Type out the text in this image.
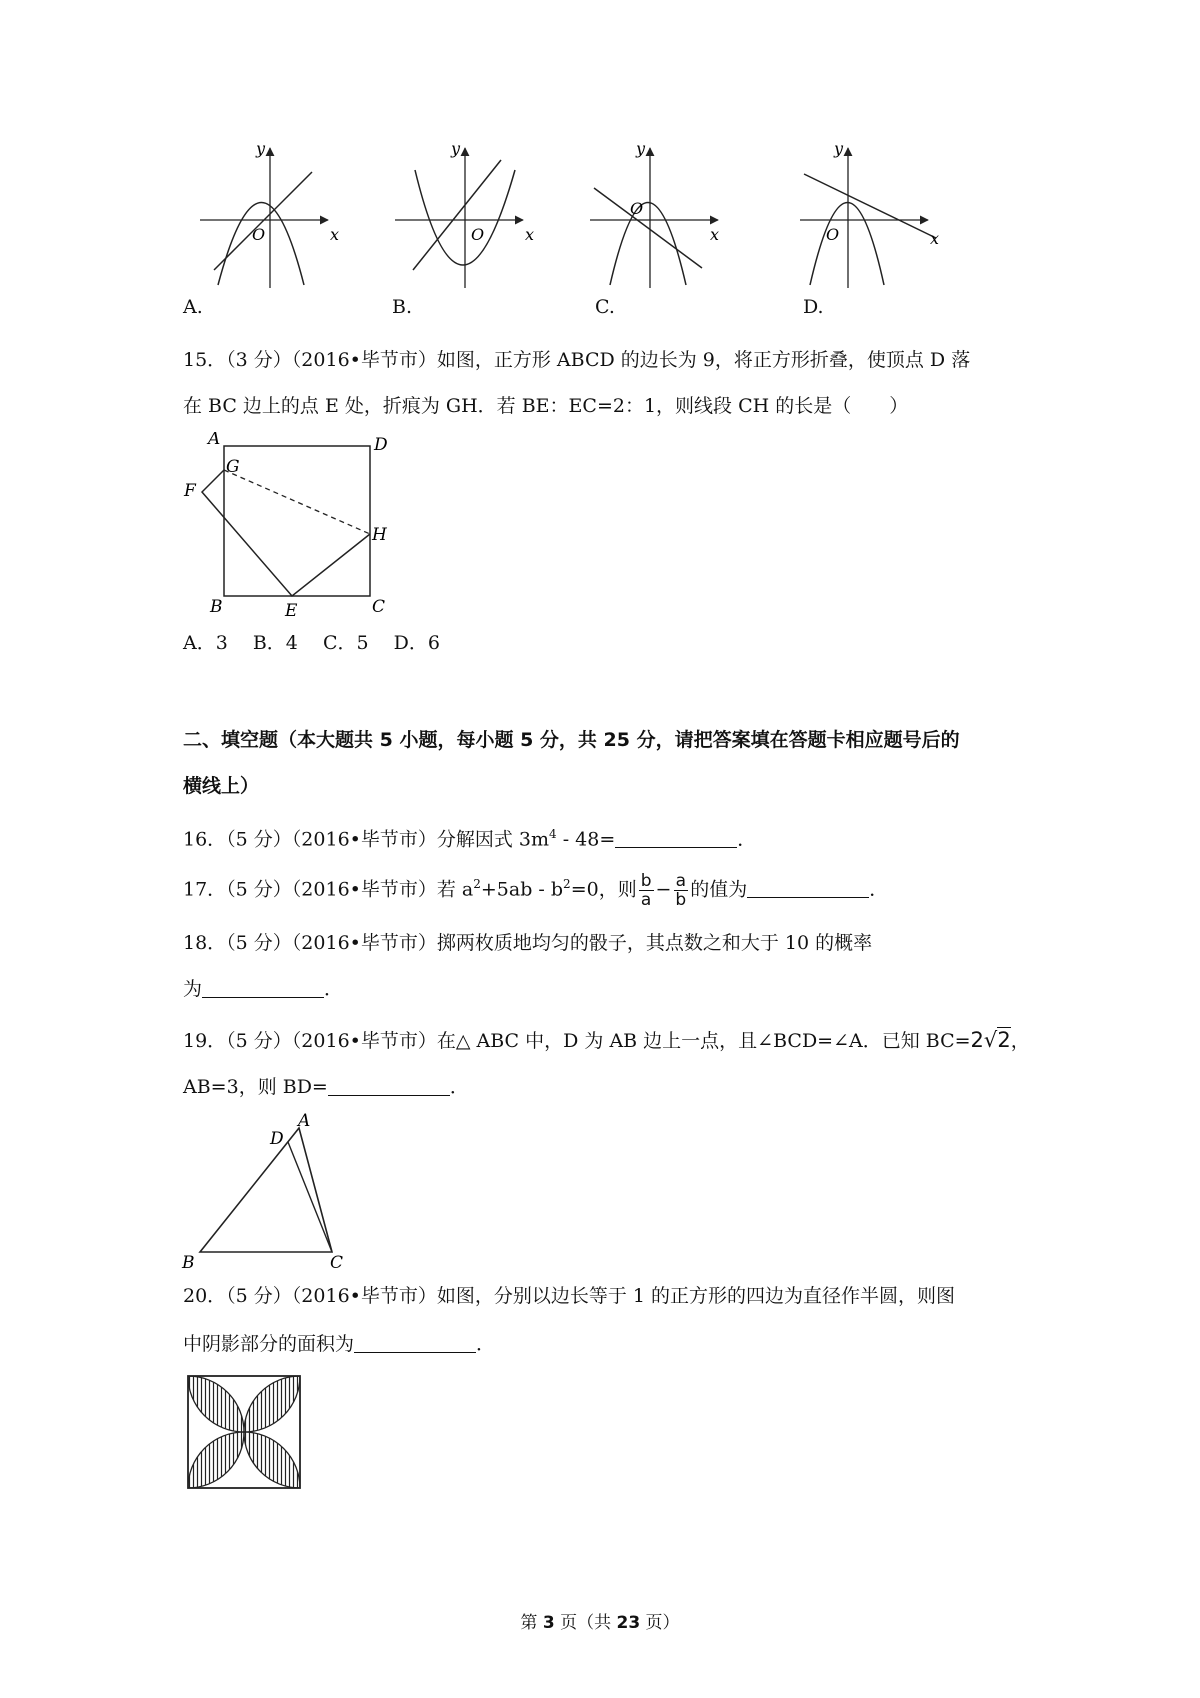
y
x
O
y
x
O
y
x
O
y
x
O
A.	B.	C.	D.
15．（3 分）（2016•毕节市）如图，正方形 ABCD 的边长为 9，将正方形折叠，使顶点 D 落
在 BC 边上的点 E 处，折痕为 GH．若 BE：EC=2：1，则线段 CH 的长是（　　）
A	D
G
F
H
B	E	C
A．3　 B．4　 C．5　 D．6
二、填空题（本大题共 5 小题，每小题 5 分，共 25 分，请把答案填在答题卡相应题号后的
横线上）
16．（5 分）（2016•毕节市）分解因式 $3m^4 - 48=$	．
17．（5 分）（2016•毕节市）若 $a^2+5ab - b^2=0$，则 $\frac{b}{a} - \frac{a}{b}$ 的值为	．
18．（5 分）（2016•毕节市）掷两枚质地均匀的骰子，其点数之和大于 10 的概率
为	．
19．（5 分）（2016•毕节市）在△ ABC 中，D 为 AB 边上一点，且∠BCD=∠A．已知 BC=2√2，
AB=3，则 BD=	．
A
D
B	C
20．（5 分）（2016•毕节市）如图，分别以边长等于 1 的正方形的四边为直径作半圆，则图
中阴影部分的面积为	．
第 3 页（共 23 页）
